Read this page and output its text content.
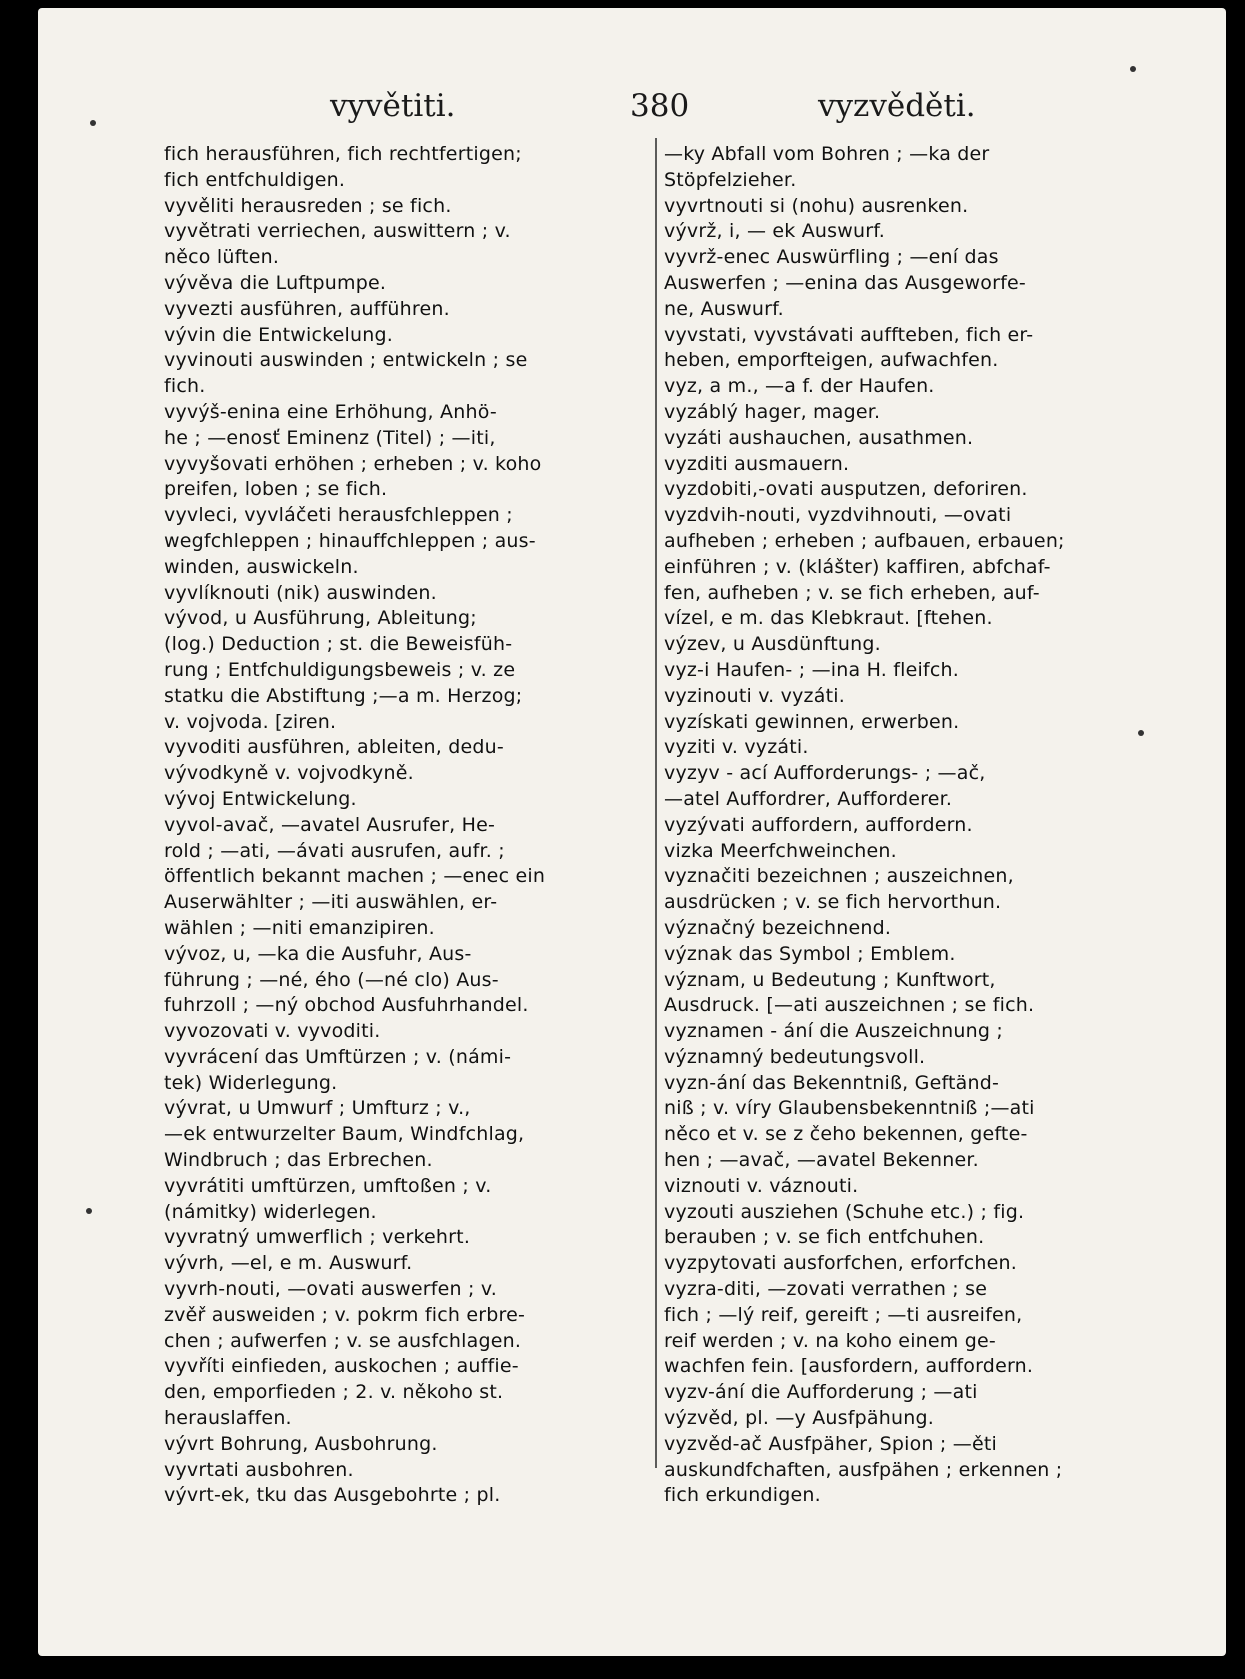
vyvětiti.	380	vyzvěděti.
fich herausführen, fich rechtfertigen;
fich entfchuldigen.
vyvěliti herausreden ; se fich.
vyvětrati verriechen, auswittern ; v.
něco lüften.
vývěva die Luftpumpe.
vyvezti ausführen, aufführen.
vývin die Entwickelung.
vyvinouti auswinden ; entwickeln ; se
fich.
vyvýš-enina eine Erhöhung, Anhö-
he ; —enosť Eminenz (Titel) ; —iti,
vyvyšovati erhöhen ; erheben ; v. koho
preifen, loben ; se fich.
vyvleci, vyvláčeti herausfchleppen ;
wegfchleppen ; hinauffchleppen ; aus-
winden, auswickeln.
vyvlíknouti (nik) auswinden.
vývod, u Ausführung, Ableitung;
(log.) Deduction ; st. die Beweisfüh-
rung ; Entfchuldigungsbeweis ; v. ze
statku die Abstiftung ;—a m. Herzog;
v. vojvoda. [ziren.
vyvoditi ausführen, ableiten, dedu-
vývodkyně v. vojvodkyně.
vývoj Entwickelung.
vyvol-avač, —avatel Ausrufer, He-
rold ; —ati, —ávati ausrufen, aufr. ;
öffentlich bekannt machen ; —enec ein
Auserwählter ; —iti auswählen, er-
wählen ; —niti emanzipiren.
vývoz, u, —ka die Ausfuhr, Aus-
führung ; —né, ého (—né clo) Aus-
fuhrzoll ; —ný obchod Ausfuhrhandel.
vyvozovati v. vyvoditi.
vyvrácení das Umftürzen ; v. (námi-
tek) Widerlegung.
vývrat, u Umwurf ; Umfturz ; v.,
—ek entwurzelter Baum, Windfchlag,
Windbruch ; das Erbrechen.
vyvrátiti umftürzen, umftoßen ; v.
(námitky) widerlegen.
vyvratný umwerflich ; verkehrt.
vývrh, —el, e m. Auswurf.
vyvrh-nouti, —ovati auswerfen ; v.
zvěř ausweiden ; v. pokrm fich erbre-
chen ; aufwerfen ; v. se ausfchlagen.
vyvříti einfieden, auskochen ; auffie-
den, emporfieden ; 2. v. někoho st.
herauslaffen.
vývrt Bohrung, Ausbohrung.
vyvrtati ausbohren.
vývrt-ek, tku das Ausgebohrte ; pl.
—ky Abfall vom Bohren ; —ka der
Stöpfelzieher.
vyvrtnouti si (nohu) ausrenken.
vývrž, i, — ek Auswurf.
vyvrž-enec Auswürfling ; —ení das
Auswerfen ; —enina das Ausgeworfe-
ne, Auswurf.
vyvstati, vyvstávati auffteben, fich er-
heben, emporfteigen, aufwachfen.
vyz, a m., —a f. der Haufen.
vyzáblý hager, mager.
vyzáti aushauchen, ausathmen.
vyzditi ausmauern.
vyzdobiti,-ovati ausputzen, deforiren.
vyzdvih-nouti, vyzdvihnouti, —ovati
aufheben ; erheben ; aufbauen, erbauen;
einführen ; v. (klášter) kaffiren, abfchaf-
fen, aufheben ; v. se fich erheben, auf-
vízel, e m. das Klebkraut. [ftehen.
výzev, u Ausdünftung.
vyz-i Haufen- ; —ina H. fleifch.
vyzinouti v. vyzáti.
vyzískati gewinnen, erwerben.
vyziti v. vyzáti.
vyzyv - ací Aufforderungs- ; —ač,
—atel Auffordrer, Aufforderer.
vyzývati auffordern, auffordern.
vizka Meerfchweinchen.
vyznačiti bezeichnen ; auszeichnen,
ausdrücken ; v. se fich hervorthun.
význačný bezeichnend.
význak das Symbol ; Emblem.
význam, u Bedeutung ; Kunftwort,
Ausdruck. [—ati auszeichnen ; se fich.
vyznamen - ání die Auszeichnung ;
významný bedeutungsvoll.
vyzn-ání das Bekenntniß, Geftänd-
niß ; v. víry Glaubensbekenntniß ;—ati
něco et v. se z čeho bekennen, gefte-
hen ; —avač, —avatel Bekenner.
viznouti v. váznouti.
vyzouti ausziehen (Schuhe etc.) ; fig.
berauben ; v. se fich entfchuhen.
vyzpytovati ausforfchen, erforfchen.
vyzra-diti, —zovati verrathen ; se
fich ; —lý reif, gereift ; —ti ausreifen,
reif werden ; v. na koho einem ge-
wachfen fein. [ausfordern, auffordern.
vyzv-ání die Aufforderung ; —ati
výzvěd, pl. —y Ausfpähung.
vyzvěd-ač Ausfpäher, Spion ; —ěti
auskundfchaften, ausfpähen ; erkennen ;
fich erkundigen.
